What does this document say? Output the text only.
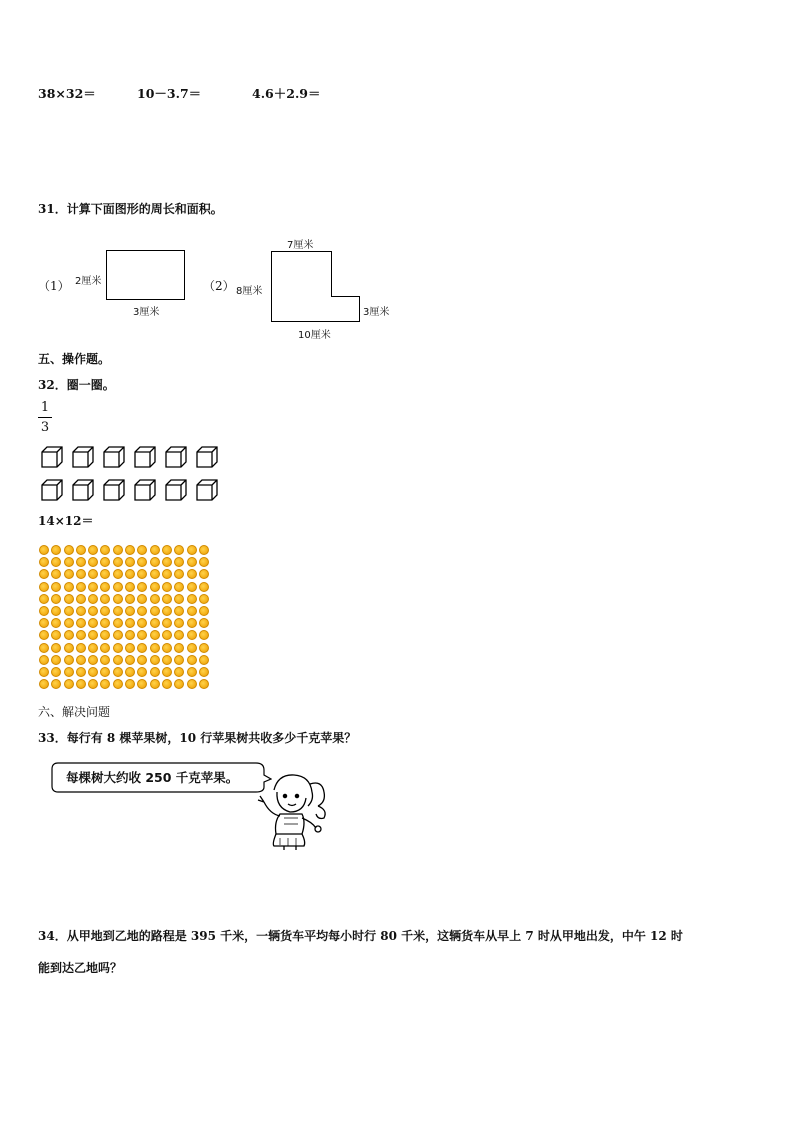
38×32＝	10－3.7＝	4.6＋2.9＝
31．计算下面图形的周长和面积。
（1） 2厘米
3厘米
（2）
7厘米
8厘米
3厘米
10厘米
五、操作题。
32．圈一圈。
1
3
14×12＝
六、解决问题
33．每行有 8 棵苹果树，10 行苹果树共收多少千克苹果？
每棵树大约收 250 千克苹果。
34．从甲地到乙地的路程是 395 千米，一辆货车平均每小时行 80 千米，这辆货车从早上 7 时从甲地出发，中午 12 时
能到达乙地吗？
